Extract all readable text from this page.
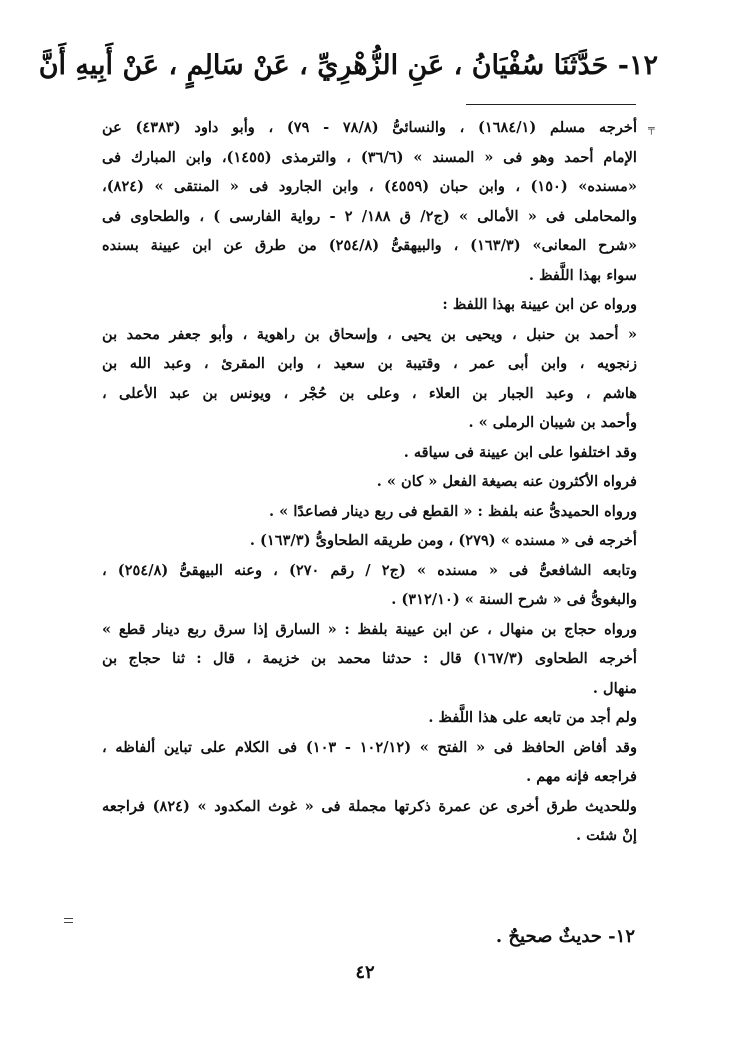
١٢- حَدَّثَنَا سُفْيَانُ ، عَنِ الزُّهْرِيِّ ، عَنْ سَالِمٍ ، عَنْ أَبِيهِ أَنَّ
╤
أخرجه مسلم (١٦٨٤/١) ، والنسائىُّ (٧٨/٨ - ٧٩) ، وأبو داود (٤٣٨٣) عن
الإمام أحمد وهو فى « المسند » (٣٦/٦) ، والترمذى (١٤٥٥)، وابن المبارك فى
«مسنده» (١٥٠) ، وابن حبان (٤٥٥٩) ، وابن الجارود فى « المنتقى » (٨٢٤)،
والمحاملى فى « الأمالى » (ج٢/ ق ١٨٨/ ٢ - رواية الفارسى ) ، والطحاوى فى
«شرح المعانى» (١٦٣/٣) ، والبيهقىُّ (٢٥٤/٨) من طرق عن ابن عيينة بسنده
سواء بهذا اللَّفظ .
ورواه عن ابن عيينة بهذا اللفظ :
« أحمد بن حنبل ، ويحيى بن يحيى ، وإسحاق بن راهوية ، وأبو جعفر محمد بن
زنجويه ، وابن أبى عمر ، وقتيبة بن سعيد ، وابن المقرئ ، وعبد الله بن
هاشم ، وعبد الجبار بن العلاء ، وعلى بن حُجْر ، ويونس بن عبد الأعلى ،
وأحمد بن شيبان الرملى » .
وقد اختلفوا على ابن عيينة فى سياقه .
فرواه الأكثرون عنه بصيغة الفعل « كان » .
ورواه الحميدىُّ عنه بلفظ : « القطع فى ربع دينار فصاعدًا » .
أخرجه فى « مسنده » (٢٧٩) ، ومن طريقه الطحاوىُّ (١٦٣/٣) .
وتابعه الشافعىُّ فى « مسنده » (ج٢ / رقم ٢٧٠) ، وعنه البيهقىُّ (٢٥٤/٨) ،
والبغوىُّ فى « شرح السنة » (٣١٢/١٠) .
ورواه حجاج بن منهال ، عن ابن عيينة بلفظ : « السارق إذا سرق ربع دينار قطع »
أخرجه الطحاوى (١٦٧/٣) قال : حدثنا محمد بن خزيمة ، قال : ثنا حجاج بن
منهال .
ولم أجد من تابعه على هذا اللَّفظ .
وقد أفاض الحافظ فى « الفتح » (١٠٢/١٢ - ١٠٣) فى الكلام على تباين ألفاظه ،
فراجعه فإنه مهم .
وللحديث طرق أخرى عن عمرة ذكرتها مجملة فى « غوث المكدود » (٨٢٤) فراجعه
إنْ شئت .
١٢- حديثٌ صحيحٌ .
٤٢
